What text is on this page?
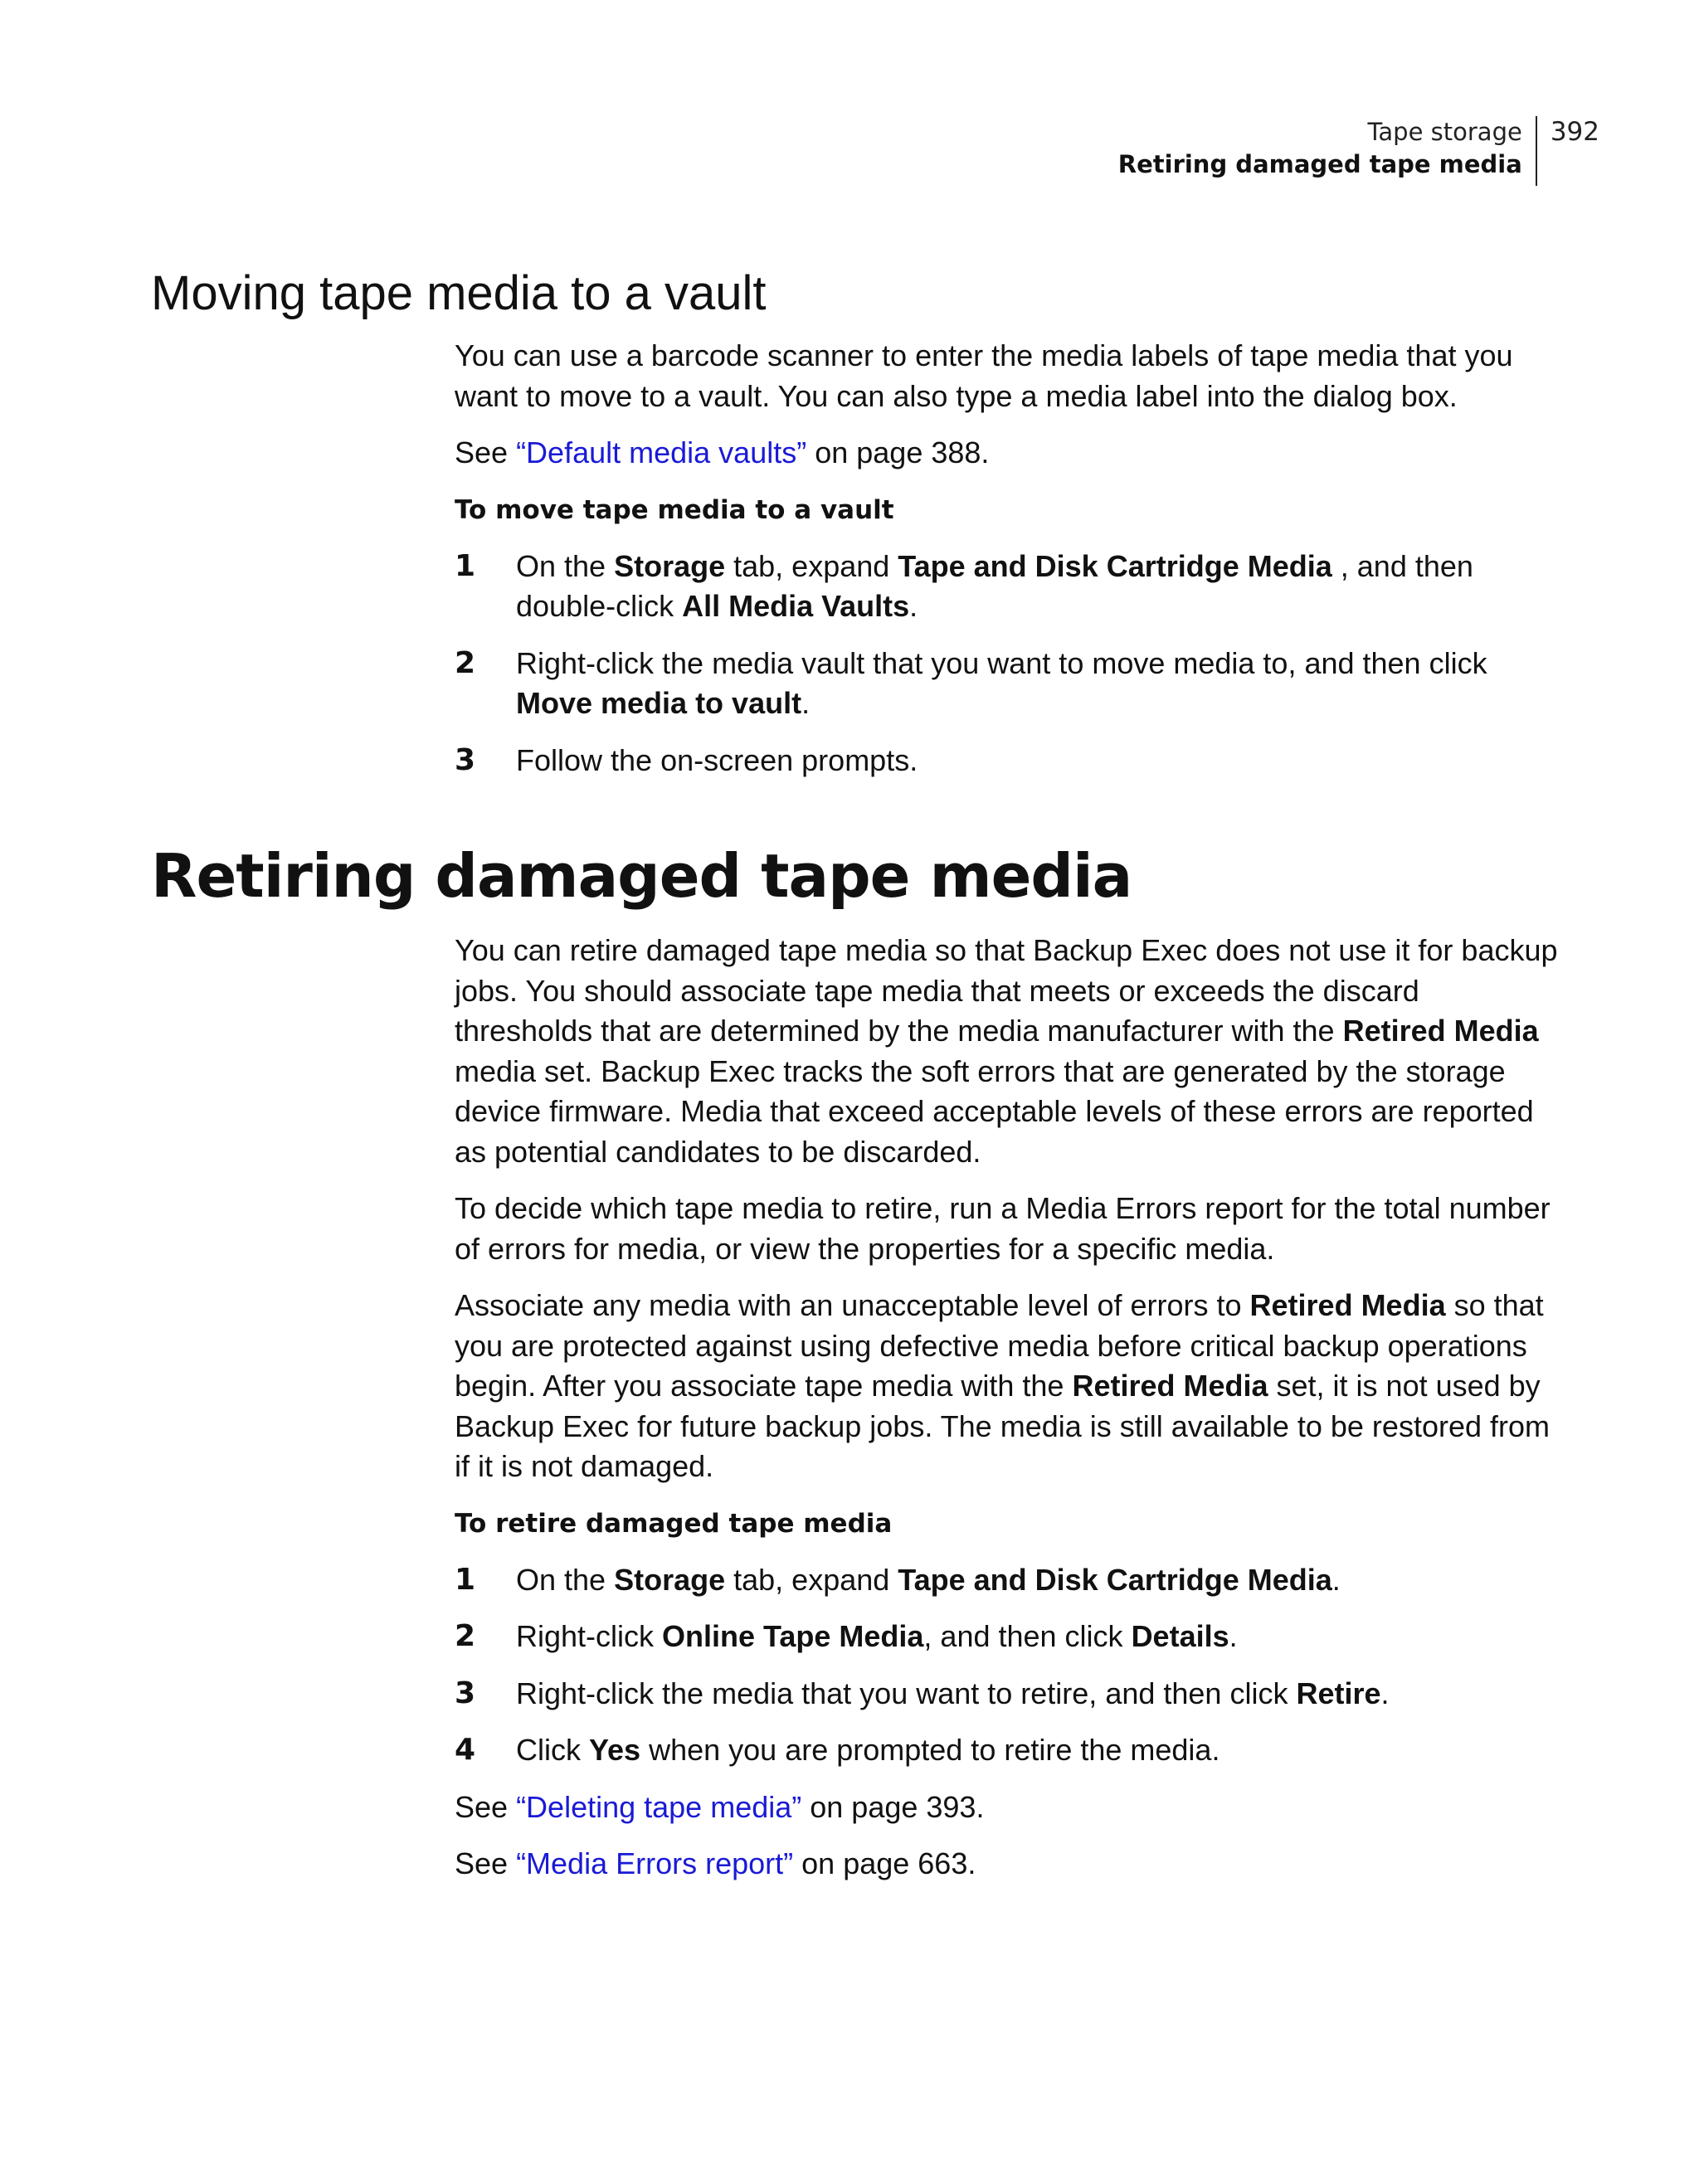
Tape storage
Retiring damaged tape media
392
Moving tape media to a vault

You can use a barcode scanner to enter the media labels of tape media that you want to move to a vault. You can also type a media label into the dialog box.

See “Default media vaults” on page 388.

To move tape media to a vault
1 On the Storage tab, expand Tape and Disk Cartridge Media , and then double-click All Media Vaults.
2 Right-click the media vault that you want to move media to, and then click Move media to vault.
3 Follow the on-screen prompts.
Retiring damaged tape media

You can retire damaged tape media so that Backup Exec does not use it for backup jobs. You should associate tape media that meets or exceeds the discard thresholds that are determined by the media manufacturer with the Retired Media media set. Backup Exec tracks the soft errors that are generated by the storage device firmware. Media that exceed acceptable levels of these errors are reported as potential candidates to be discarded.

To decide which tape media to retire, run a Media Errors report for the total number of errors for media, or view the properties for a specific media.

Associate any media with an unacceptable level of errors to Retired Media so that you are protected against using defective media before critical backup operations begin. After you associate tape media with the Retired Media set, it is not used by Backup Exec for future backup jobs. The media is still available to be restored from if it is not damaged.

To retire damaged tape media
1 On the Storage tab, expand Tape and Disk Cartridge Media.
2 Right-click Online Tape Media, and then click Details.
3 Right-click the media that you want to retire, and then click Retire.
4 Click Yes when you are prompted to retire the media.

See “Deleting tape media” on page 393.

See “Media Errors report” on page 663.
